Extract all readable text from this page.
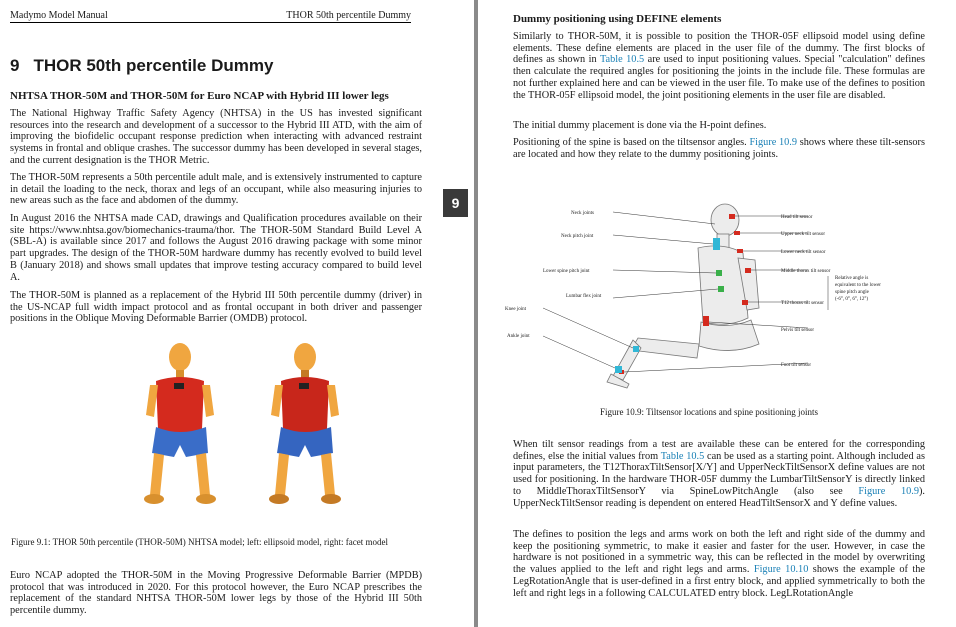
Madymo Model Manual	THOR 50th percentile Dummy
9 THOR 50th percentile Dummy
NHTSA THOR-50M and THOR-50M for Euro NCAP with Hybrid III lower legs

The National Highway Traffic Safety Agency (NHTSA) in the US has invested significant resources into the research and development of a successor to the Hybrid III ATD, with the aim of improving the biofidelic occupant response prediction when interacting with advanced restraint systems in frontal and oblique crashes. The successor dummy has been developed in several stages, and the current designation is the THOR Metric.

The THOR-50M represents a 50th percentile adult male, and is extensively instrumented to capture in detail the loading to the neck, thorax and legs of an occupant, while also measuring injuries to new areas such as the face and abdomen of the dummy.

In August 2016 the NHTSA made CAD, drawings and Qualification procedures available on their site https://www.nhtsa.gov/biomechanics-trauma/thor. The THOR-50M Standard Build Level A (SBL-A) is available since 2017 and follows the August 2016 drawing package with some minor part upgrades. The design of the THOR-50M hardware dummy has recently evolved to build level B (January 2018) and shows small updates that improve testing accuracy compared to build level A.

The THOR-50M is planned as a replacement of the Hybrid III 50th percentile dummy (driver) in the US-NCAP full width impact protocol and as frontal occupant in both driver and passenger positions in the Oblique Moving Deformable Barrier (OMDB) protocol.

Figure 9.1: THOR 50th percentile (THOR-50M) NHTSA model; left: ellipsoid model, right: facet model

Euro NCAP adopted the THOR-50M in the Moving Progressive Deformable Barrier (MPDB) protocol that was introduced in 2020. For this protocol however, the Euro NCAP prescribes the replacement of the standard NHTSA THOR-50M lower legs by those of the Hybrid III 50th percentile dummy.

9
Dummy positioning using DEFINE elements

Similarly to THOR-50M, it is possible to position the THOR-05F ellipsoid model using define elements. These define elements are placed in the user file of the dummy. The first blocks of defines as shown in Table 10.5 are used to input positioning values. Special "calculation" defines then calculate the required angles for positioning the joints in the include file. These formulas are not further explained here and can be viewed in the user file. To make use of the defines to position the THOR-05F ellipsoid model, the joint positioning elements in the user file are disabled.

The initial dummy placement is done via the H-point defines.

Positioning of the spine is based on the tiltsensor angles. Figure 10.9 shows where these tilt-sensors are located and how they relate to the dummy positioning joints.

Neck joints
Neck pitch joint
Lower spine pitch joint
Lumbar flex joint
Knee joint
Ankle joint
Head tilt sensor
Upper neck tilt sensor
Lower neck tilt sensor
Middle thorax tilt sensor
T12 thorax tilt sensor
Pelvis tilt sensor
Foot tilt sensor
Relative angle is
equivalent to the lower
spine pitch angle
(-6°, 0°, 6°, 12°)
Figure 10.9: Tiltsensor locations and spine positioning joints

When tilt sensor readings from a test are available these can be entered for the corresponding defines, else the initial values from Table 10.5 can be used as a starting point. Although included as input parameters, the T12ThoraxTiltSensor[X/Y] and UpperNeckTiltSensorX define values are not used for positioning. In the hardware THOR-05F dummy the LumbarTiltSensorY is directly linked to MiddleThoraxTiltSensorY via SpineLowPitchAngle (also see Figure 10.9). UpperNeckTiltSensor reading is dependent on entered HeadTiltSensorX and Y define values.

The defines to position the legs and arms work on both the left and right side of the dummy and keep the positioning symmetric, to make it easier and faster for the user. However, in case the hardware is not positioned in a symmetric way, this can be reflected in the model by overwriting the values applied to the left and right legs and arms. Figure 10.10 shows the example of the LegRotationAngle that is user-defined in a first entry block, and applied symmetrically to both the left and right legs in a following CALCULATED entry block. LegLRotationAngle
